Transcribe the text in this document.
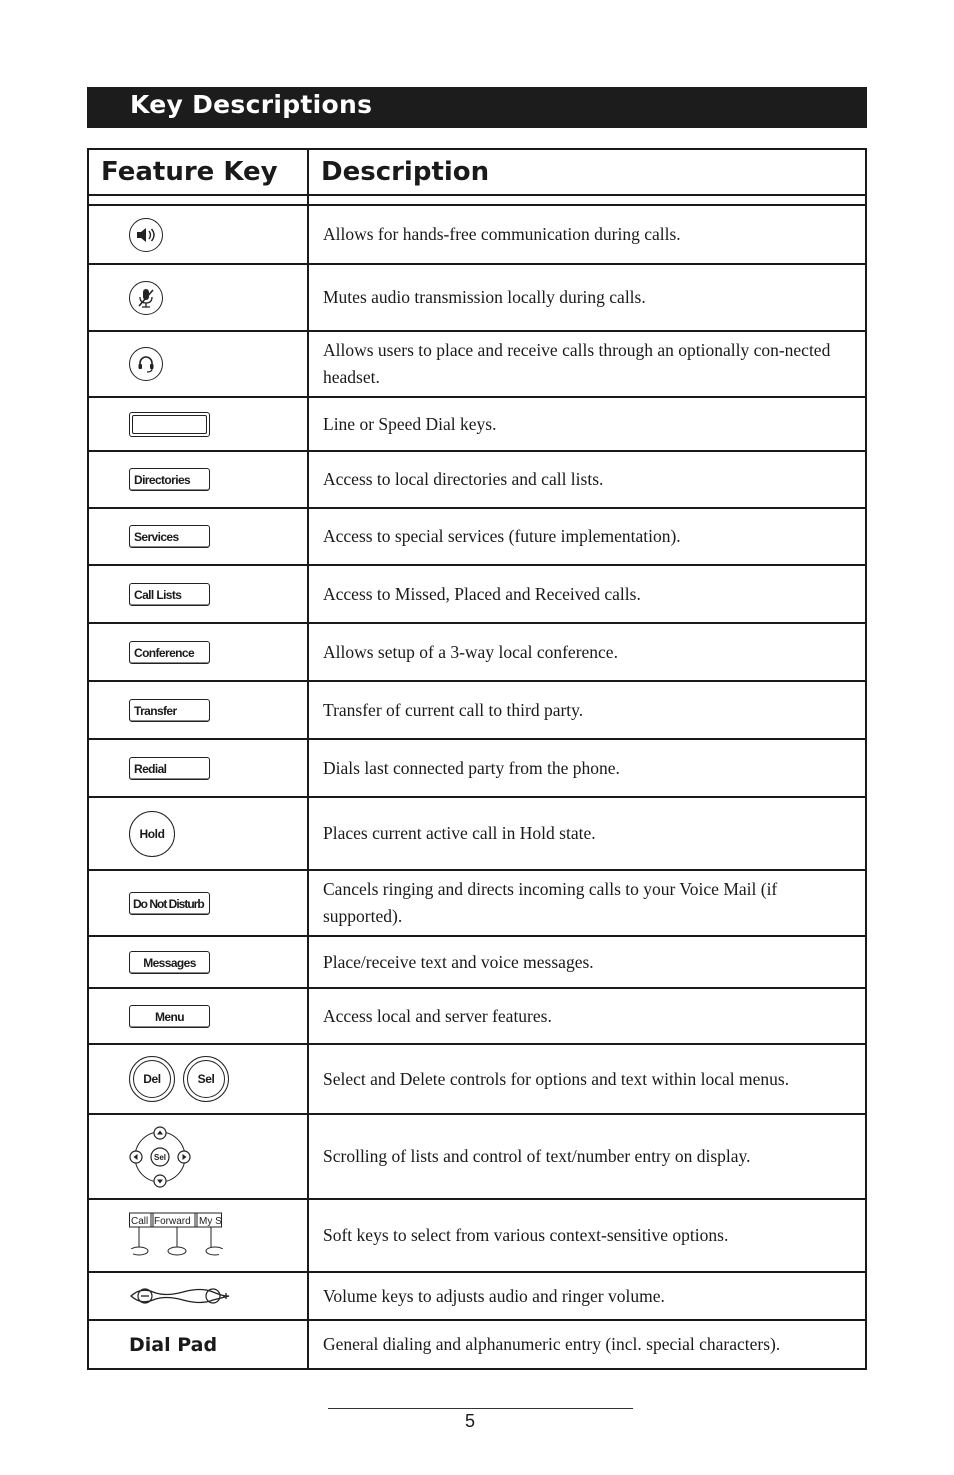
Key Descriptions
Feature Key	Description

	Allows for hands-free communication during calls.

	Mutes audio transmission locally during calls.

	Allows users to place and receive calls through an optionally con-nected headset.

	Line or Speed Dial keys.

Directories	Access to local directories and call lists.

Services	Access to special services (future implementation).

Call Lists	Access to Missed, Placed and Received calls.

Conference	Allows setup of a 3-way local conference.

Transfer	Transfer of current call to third party.

Redial	Dials last connected party from the phone.

Hold	Places current active call in Hold state.

Do Not Disturb	Cancels ringing and directs incoming calls to your Voice Mail (if supported).

Messages	Place/receive text and voice messages.

Menu	Access local and server features.

Del Sel	Select and Delete controls for options and text within local menus.

Sel	Scrolling of lists and control of text/number entry on display.

Call Forward My S	Soft keys to select from various context-sensitive options.

	Volume keys to adjusts audio and ringer volume.

Dial Pad	General dialing and alphanumeric entry (incl. special characters).
5
